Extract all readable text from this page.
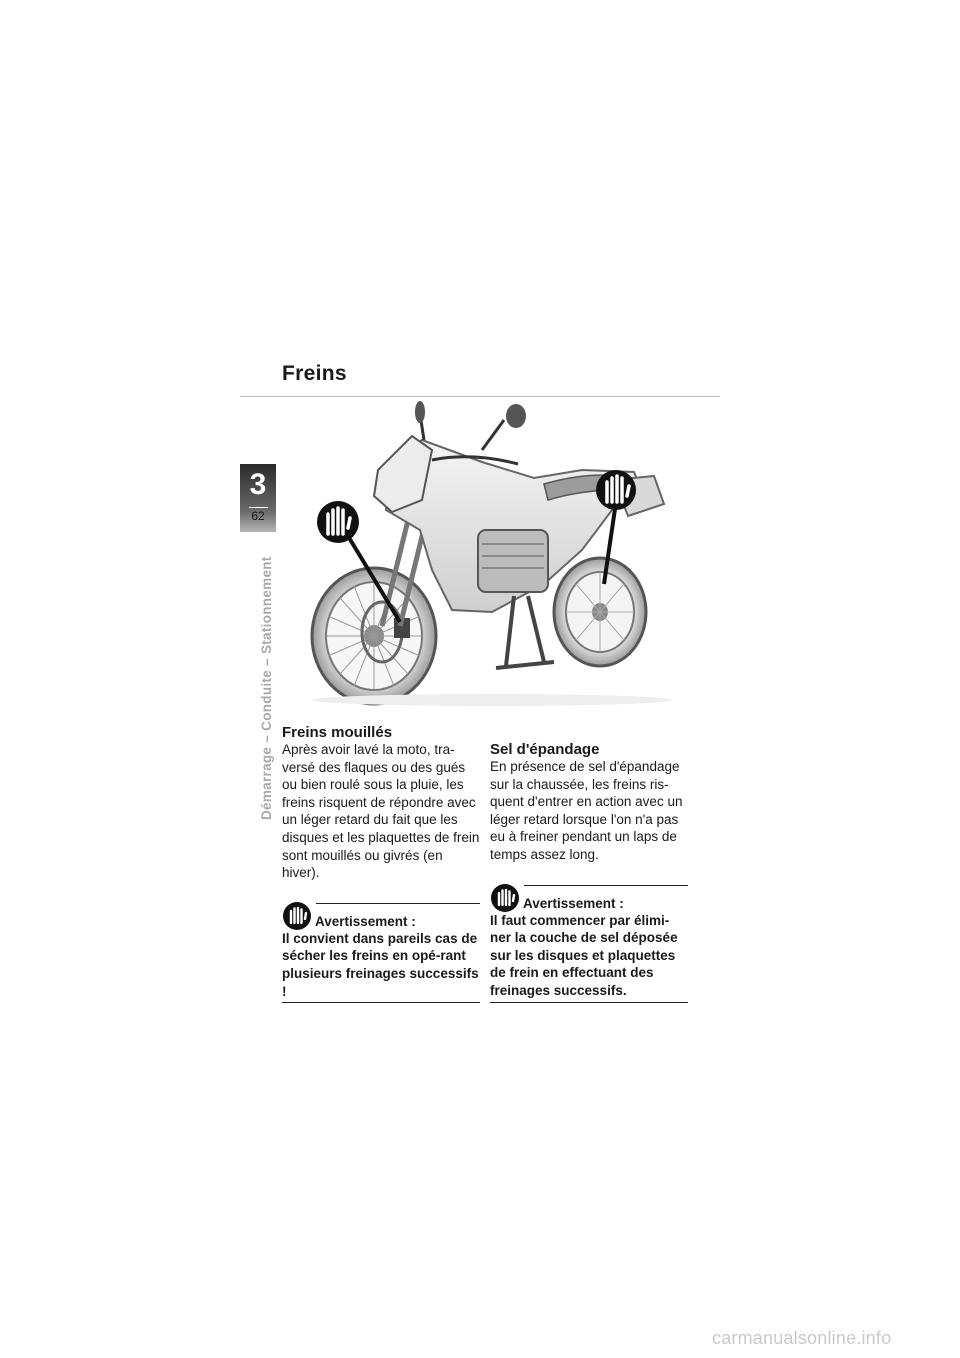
Freins
3
62
Démarrage – Conduite – Stationnement Freins mouillés

Après avoir lavé la moto, tra-versé des flaques ou des gués ou bien roulé sous la pluie, les freins risquent de répondre avec un léger retard du fait que les disques et les plaquettes de frein sont mouillés ou givrés (en hiver).

Avertissement :

Il convient dans pareils cas de sécher les freins en opé-rant plusieurs freinages successifs !

Sel d'épandage

En présence de sel d'épandage sur la chaussée, les freins ris-quent d'entrer en action avec un léger retard lorsque l'on n'a pas eu à freiner pendant un laps de temps assez long.

Avertissement :

Il faut commencer par élimi-ner la couche de sel déposée sur les disques et plaquettes de frein en effectuant des freinages successifs.

carmanualsonline.info
